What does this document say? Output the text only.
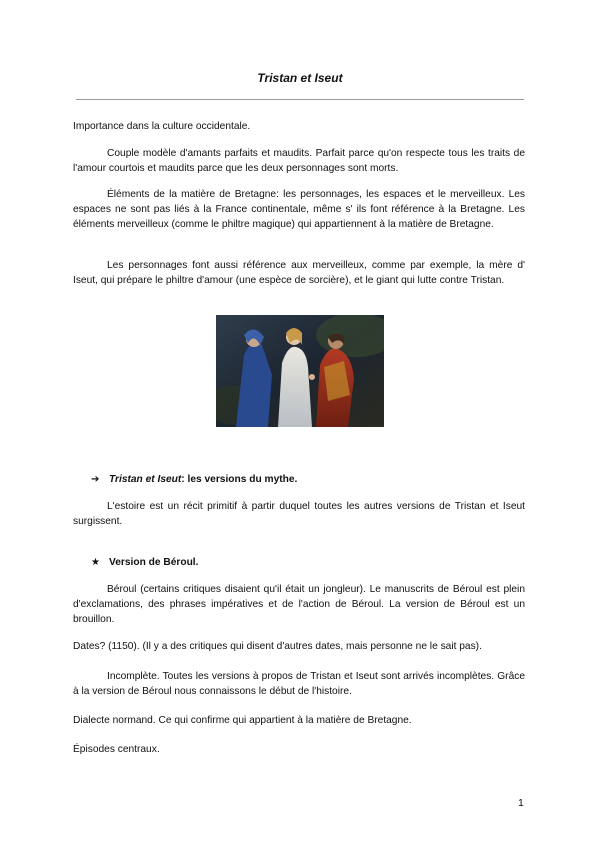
Tristan et Iseut

Importance dans la culture occidentale.

Couple modèle d'amants parfaits et maudits. Parfait parce qu'on respecte tous les traits de l'amour courtois et maudits parce que les deux personnages sont morts.

Éléments de la matière de Bretagne: les personnages, les espaces et le merveilleux. Les espaces ne sont pas liés à la France continentale, même s' ils font référence à la Bretagne. Les éléments merveilleux (comme le philtre magique) qui appartiennent à la matière de Bretagne.

Les personnages font aussi référence aux merveilleux, comme par exemple, la mère d' Iseut, qui prépare le philtre d'amour (une espèce de sorcière), et le giant qui lutte contre Tristan.

➔ Tristan et Iseut: les versions du mythe.

L'estoire est un récit primitif à partir duquel toutes les autres versions de Tristan et Iseut surgissent.

★ Version de Béroul.

Béroul (certains critiques disaient qu'il était un jongleur). Le manuscrits de Béroul est plein d'exclamations, des phrases impératives et de l'action de Béroul. La version de Béroul est un brouillon.

Dates? (1150). (Il y a des critiques qui disent d'autres dates, mais personne ne le sait pas).

Incomplète. Toutes les versions à propos de Tristan et Iseut sont arrivés incomplètes. Grâce à la version de Béroul nous connaissons le début de l'histoire.

Dialecte normand. Ce qui confirme qui appartient à la matière de Bretagne.

Épisodes centraux.

1
